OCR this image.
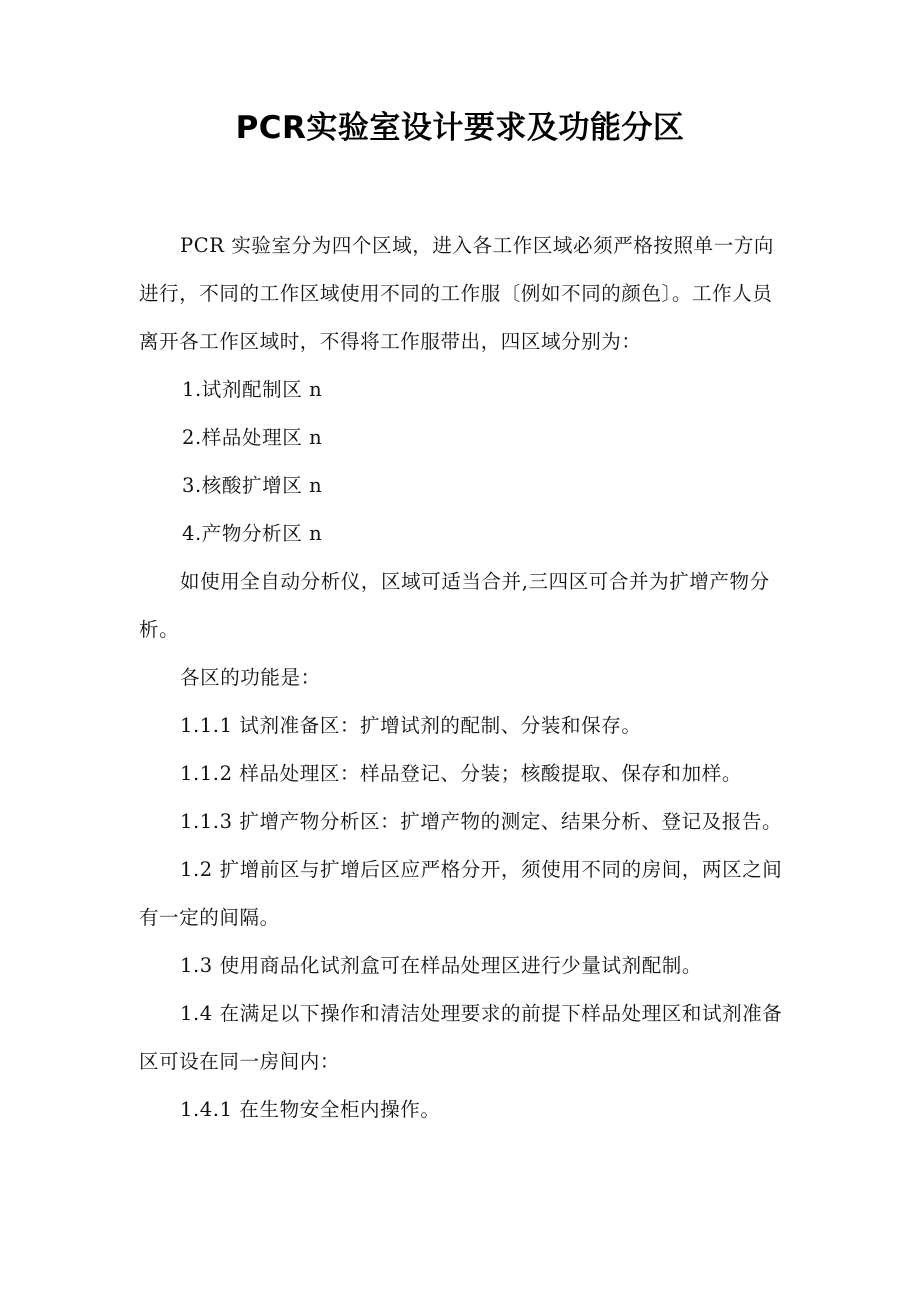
PCR实验室设计要求及功能分区

PCR 实验室分为四个区域，进入各工作区域必须严格按照单一方向进行，不同的工作区域使用不同的工作服〔例如不同的颜色〕。工作人员离开各工作区域时，不得将工作服带出，四区域分别为：

1.试剂配制区 n

2.样品处理区 n

3.核酸扩增区 n

4.产物分析区 n

如使用全自动分析仪，区域可适当合并,三四区可合并为扩增产物分析。

各区的功能是：

1.1.1 试剂准备区：扩增试剂的配制、分装和保存。

1.1.2 样品处理区：样品登记、分装；核酸提取、保存和加样。

1.1.3 扩增产物分析区：扩增产物的测定、结果分析、登记及报告。

1.2 扩增前区与扩增后区应严格分开，须使用不同的房间，两区之间有一定的间隔。

1.3 使用商品化试剂盒可在样品处理区进行少量试剂配制。

1.4 在满足以下操作和清洁处理要求的前提下样品处理区和试剂准备区可设在同一房间内：

1.4.1 在生物安全柜内操作。
